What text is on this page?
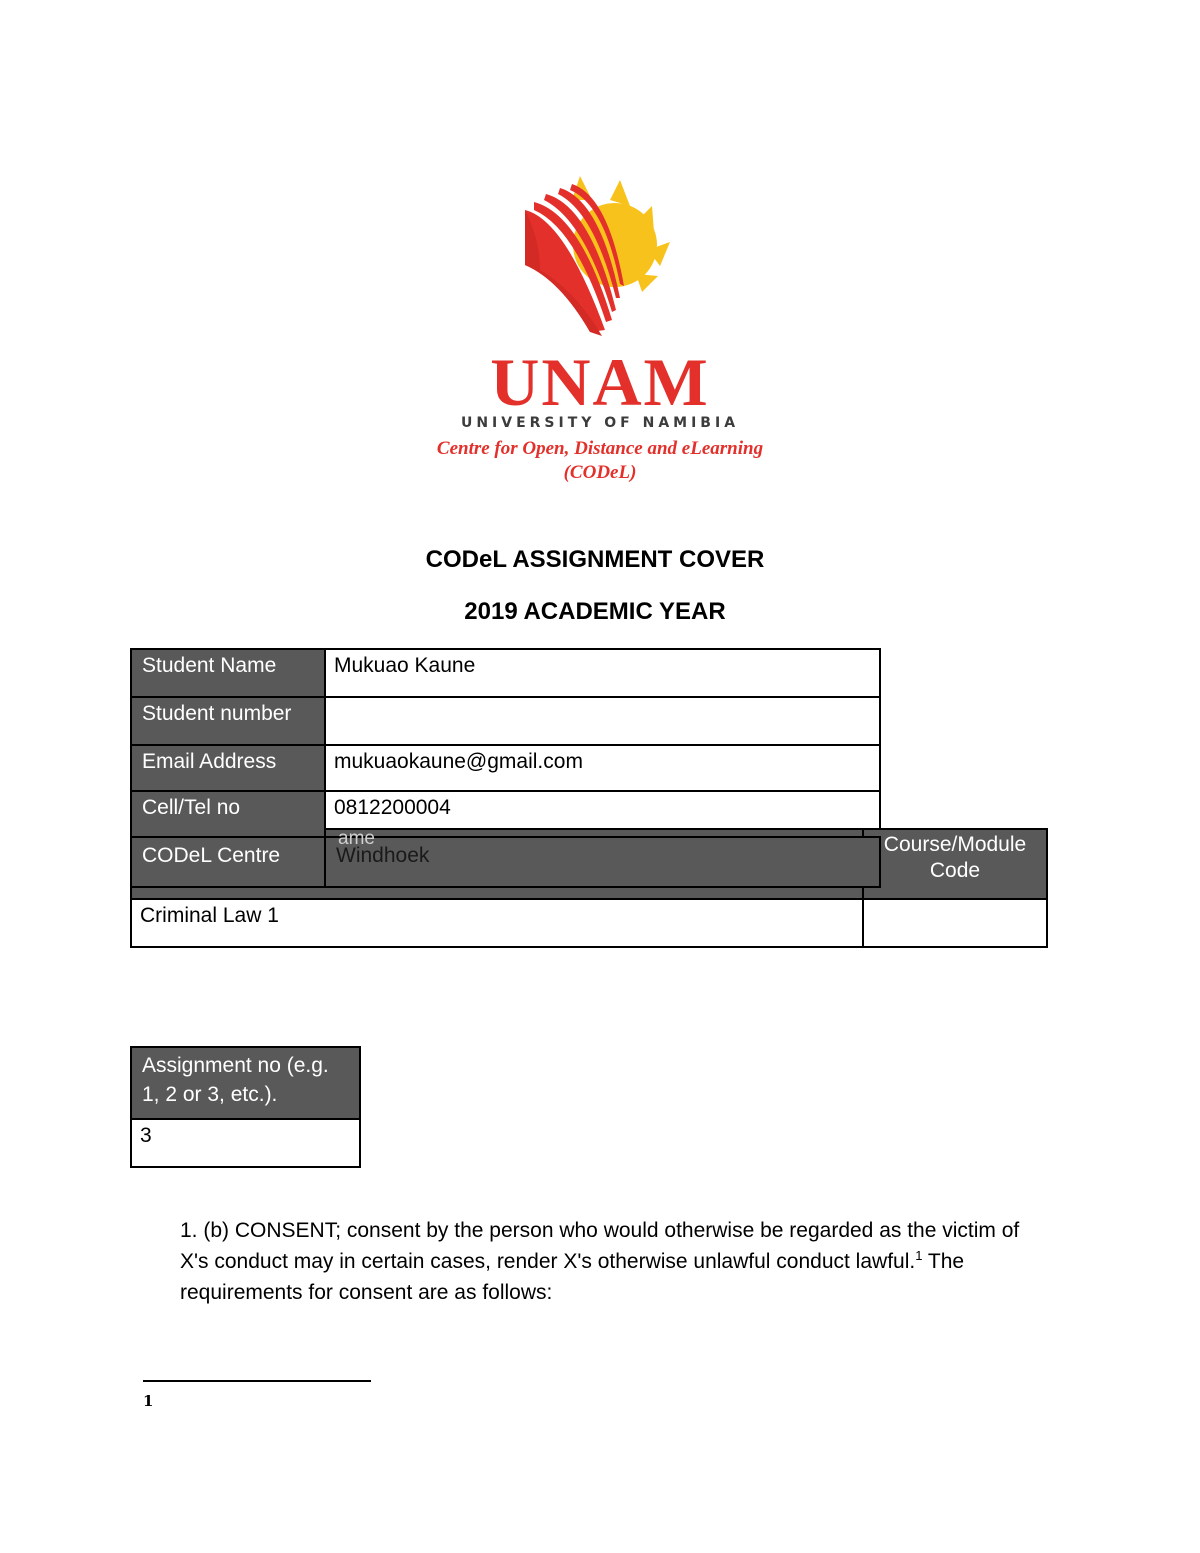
UNAM
UNIVERSITY OF NAMIBIA
Centre for Open, Distance and eLearning
(CODeL)
CODeL ASSIGNMENT COVER
2019 ACADEMIC YEAR
Course/Module Code
Criminal Law 1
Student Name	Mukuao Kaune
Student number
Email Address	mukuaokaune@gmail.com
Cell/Tel no	0812200004
CODeL Centre	Windhoek
ame
Assignment no (e.g. 1, 2 or 3, etc.).
3
1. (b) CONSENT; consent by the person who would otherwise be regarded as the victim of X's conduct may in certain cases, render X's otherwise unlawful conduct lawful.$^1$ The requirements for consent are as follows:
1
